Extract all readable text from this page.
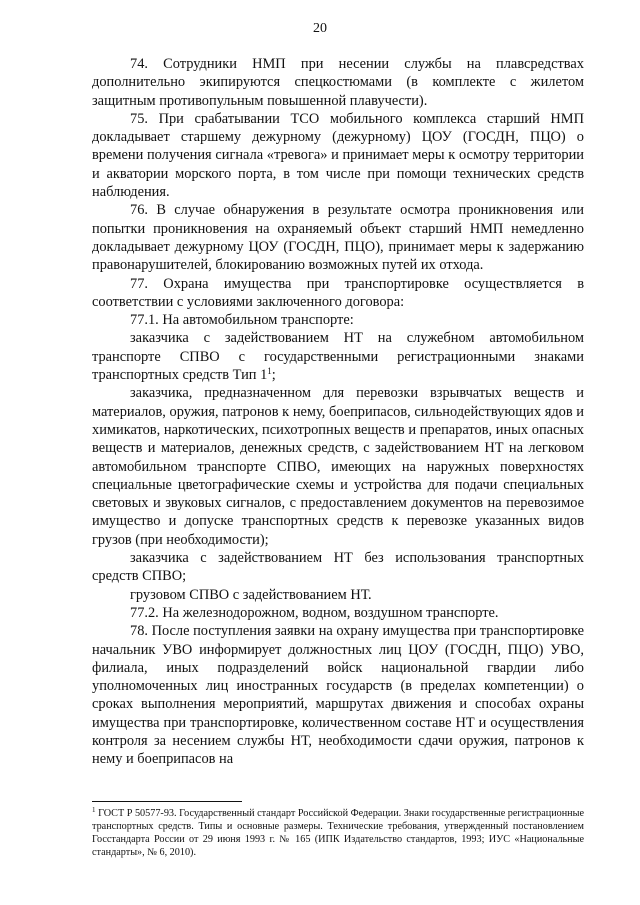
20

74. Сотрудники НМП при несении службы на плавсредствах дополнительно экипируются спецкостюмами (в комплекте с жилетом защитным противопульным повышенной плавучести).

75. При срабатывании ТСО мобильного комплекса старший НМП докладывает старшему дежурному (дежурному) ЦОУ (ГОСДН, ПЦО) о времени получения сигнала «тревога» и принимает меры к осмотру территории и акватории морского порта, в том числе при помощи технических средств наблюдения.

76. В случае обнаружения в результате осмотра проникновения или попытки проникновения на охраняемый объект старший НМП немедленно докладывает дежурному ЦОУ (ГОСДН, ПЦО), принимает меры к задержанию правонарушителей, блокированию возможных путей их отхода.

77. Охрана имущества при транспортировке осуществляется в соответствии с условиями заключенного договора:

77.1. На автомобильном транспорте:

заказчика с задействованием НТ на служебном автомобильном транспорте СПВО с государственными регистрационными знаками транспортных средств Тип $1^1$;

заказчика, предназначенном для перевозки взрывчатых веществ и материалов, оружия, патронов к нему, боеприпасов, сильнодействующих ядов и химикатов, наркотических, психотропных веществ и препаратов, иных опасных веществ и материалов, денежных средств, с задействованием НТ на легковом автомобильном транспорте СПВО, имеющих на наружных поверхностях специальные цветографические схемы и устройства для подачи специальных световых и звуковых сигналов, с предоставлением документов на перевозимое имущество и допуске транспортных средств к перевозке указанных видов грузов (при необходимости);

заказчика с задействованием НТ без использования транспортных средств СПВО;

грузовом СПВО с задействованием НТ.

77.2. На железнодорожном, водном, воздушном транспорте.

78. После поступления заявки на охрану имущества при транспортировке начальник УВО информирует должностных лиц ЦОУ (ГОСДН, ПЦО) УВО, филиала, иных подразделений войск национальной гвардии либо уполномоченных лиц иностранных государств (в пределах компетенции) о сроках выполнения мероприятий, маршрутах движения и способах охраны имущества при транспортировке, количественном составе НТ и осуществления контроля за несением службы НТ, необходимости сдачи оружия, патронов к нему и боеприпасов на

$^1$ ГОСТ Р 50577-93. Государственный стандарт Российской Федерации. Знаки государственные регистрационные транспортных средств. Типы и основные размеры. Технические требования, утвержденный постановлением Госстандарта России от 29 июня 1993 г. № 165 (ИПК Издательство стандартов, 1993; ИУС «Национальные стандарты», № 6, 2010).
